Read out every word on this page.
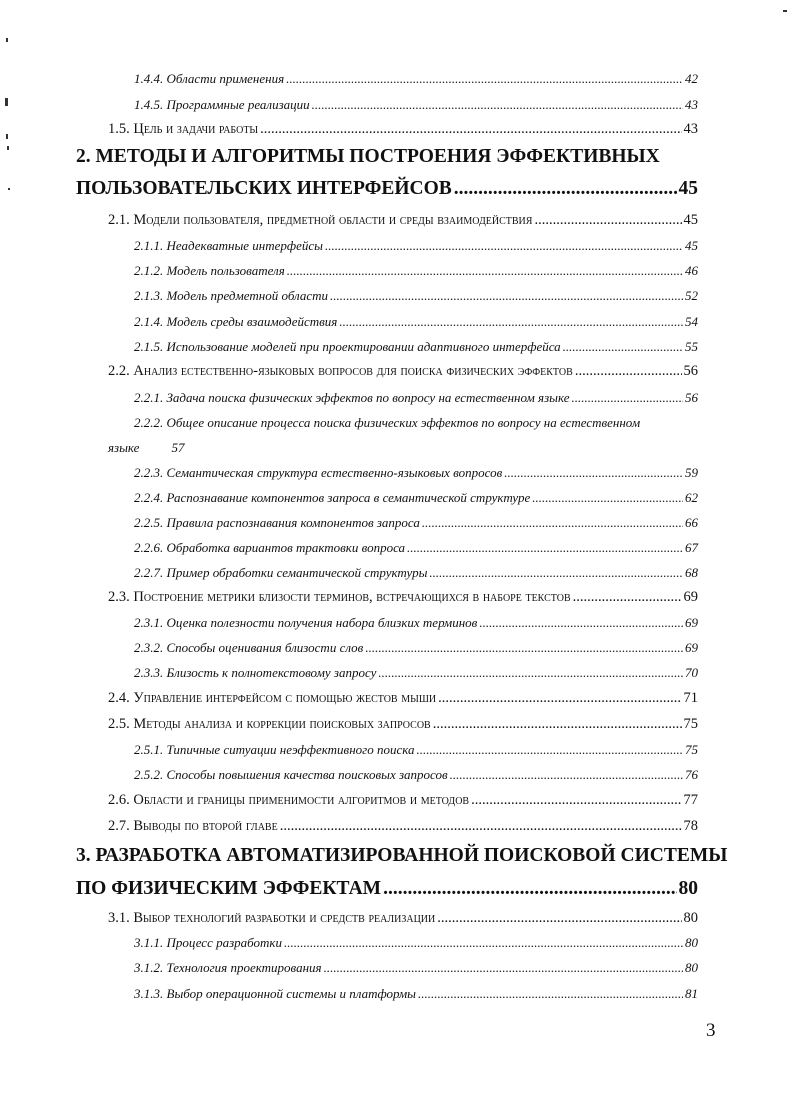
1.4.4. Области применения .....	42
1.4.5. Программные реализации .....	43
1.5. Цель и задачи работы .....	43
2. МЕТОДЫ И АЛГОРИТМЫ ПОСТРОЕНИЯ ЭФФЕКТИВНЫХ
ПОЛЬЗОВАТЕЛЬСКИХ ИНТЕРФЕЙСОВ .....	45
2.1. Модели пользователя, предметной области и среды взаимодействия .....	45
2.1.1. Неадекватные интерфейсы .....	45
2.1.2. Модель пользователя .....	46
2.1.3. Модель предметной области .....	52
2.1.4. Модель среды взаимодействия .....	54
2.1.5. Использование моделей при проектировании адаптивного интерфейса .....	55
2.2. Анализ естественно-языковых вопросов для поиска физических эффектов .....	56
2.2.1. Задача поиска физических эффектов по вопросу на естественном языке .....	56
2.2.2. Общее описание процесса поиска физических эффектов по вопросу на естественном
языке 57
2.2.3. Семантическая структура естественно-языковых вопросов .....	59
2.2.4. Распознавание компонентов запроса в семантической структуре .....	62
2.2.5. Правила распознавания компонентов запроса .....	66
2.2.6. Обработка вариантов трактовки вопроса .....	67
2.2.7. Пример обработки семантической структуры .....	68
2.3. Построение метрики близости терминов, встречающихся в наборе текстов .....	69
2.3.1. Оценка полезности получения набора близких терминов .....	69
2.3.2. Способы оценивания близости слов .....	69
2.3.3. Близость к полнотекстовому запросу .....	70
2.4. Управление интерфейсом с помощью жестов мыши .....	71
2.5. Методы анализа и коррекции поисковых запросов .....	75
2.5.1. Типичные ситуации неэффективного поиска .....	75
2.5.2. Способы повышения качества поисковых запросов .....	76
2.6. Области и границы применимости алгоритмов и методов .....	77
2.7. Выводы по второй главе .....	78
3. РАЗРАБОТКА АВТОМАТИЗИРОВАННОЙ ПОИСКОВОЙ СИСТЕМЫ
ПО ФИЗИЧЕСКИМ ЭФФЕКТАМ .....	80
3.1. Выбор технологий разработки и средств реализации .....	80
3.1.1. Процесс разработки .....	80
3.1.2. Технология проектирования .....	80
3.1.3. Выбор операционной системы и платформы .....	81
3
